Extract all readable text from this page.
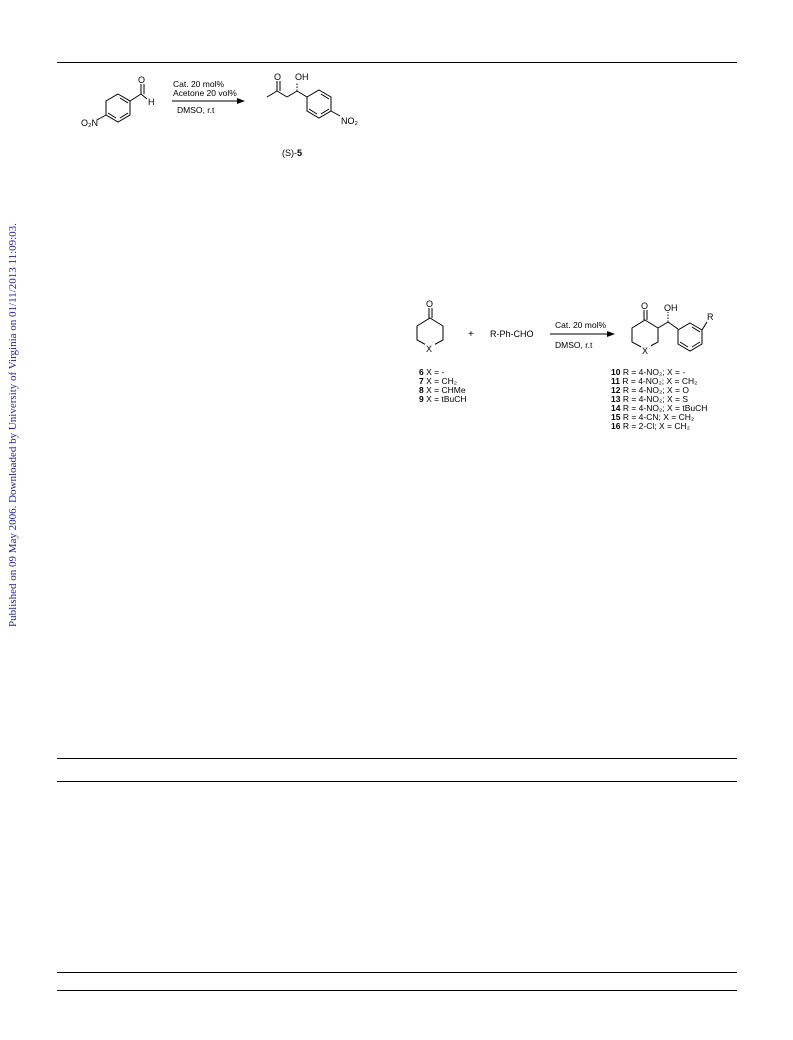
Published on 09 May 2006. Downloaded by University of Virginia on 01/11/2013 11:09:03.
O
H
O₂N
Cat. 20 mol%
Acetone 20 vol%
DMSO, r.t
O OH
NO₂
(S)-5
O
X
+ R-Ph-CHO
Cat. 20 mol%
DMSO, r.t
O OH
R
X
6 X = -
7 X = CH₂
8 X = CHMe
9 X = tBuCH
10 R = 4-NO₂; X = -
11 R = 4-NO₂; X = CH₂
12 R = 4-NO₂; X = O
13 R = 4-NO₂; X = S
14 R = 4-NO₂; X = tBuCH
15 R = 4-CN; X = CH₂
16 R = 2-Cl; X = CH₂
